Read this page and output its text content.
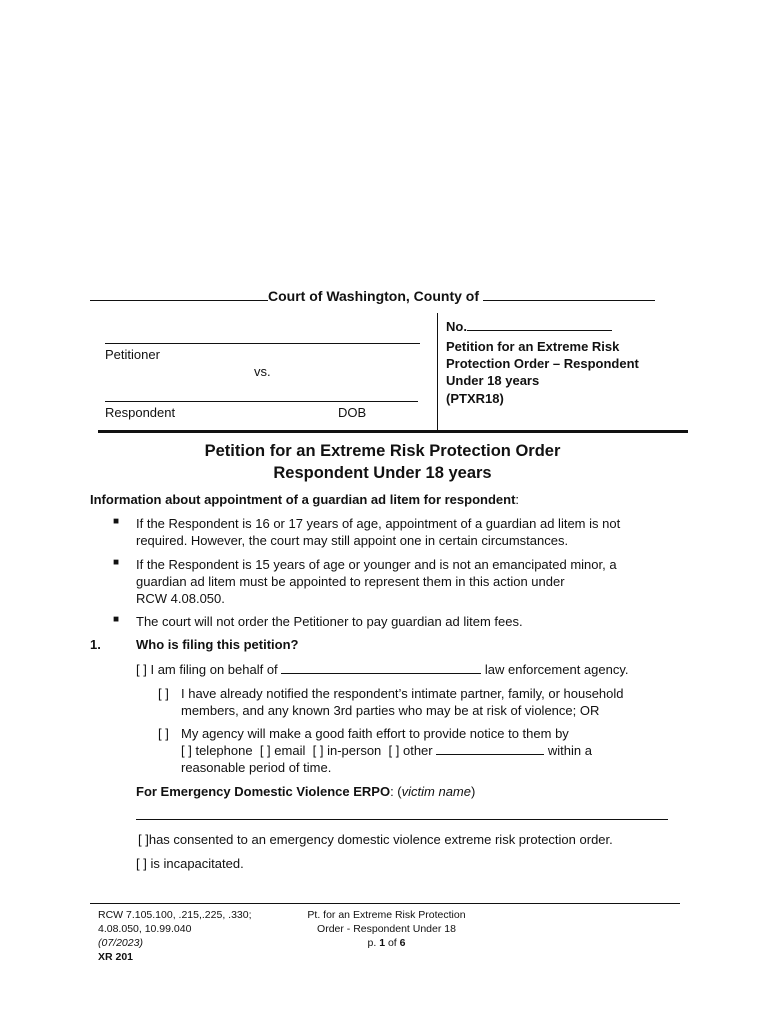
Court of Washington, County of
Petitioner
vs.
Respondent	DOB
No.
Petition for an Extreme Risk
Protection Order – Respondent
Under 18 years
(PTXR18)
Petition for an Extreme Risk Protection Order
Respondent Under 18 years
Information about appointment of a guardian ad litem for respondent:
■ If the Respondent is 16 or 17 years of age, appointment of a guardian ad litem is not
required. However, the court may still appoint one in certain circumstances.
■ If the Respondent is 15 years of age or younger and is not an emancipated minor, a
guardian ad litem must be appointed to represent them in this action under
RCW 4.08.050.
■ The court will not order the Petitioner to pay guardian ad litem fees.
1.	Who is filing this petition?
[ ] I am filing on behalf of	law enforcement agency.
[ ] I have already notified the respondent’s intimate partner, family, or household
members, and any known 3rd parties who may be at risk of violence; OR
[ ] My agency will make a good faith effort to provide notice to them by
[ ] telephone [ ] email [ ] in-person [ ] other	within a
reasonable period of time.
For Emergency Domestic Violence ERPO: (victim name)
[ ]has consented to an emergency domestic violence extreme risk protection order.
[ ] is incapacitated.
RCW 7.105.100, .215,.225, .330;
4.08.050, 10.99.040
(07/2023)
XR 201
Pt. for an Extreme Risk Protection
Order - Respondent Under 18
p. 1 of 6
